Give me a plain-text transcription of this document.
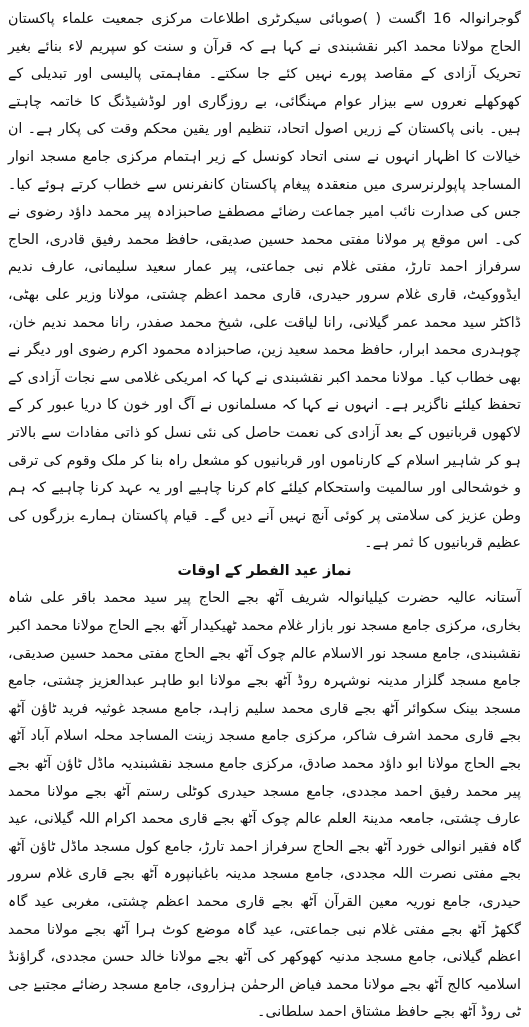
گوجرانوالہ 16 اگست ( )صوبائی سیکرٹری اطلاعات مرکزی جمعیت علماء پاکستان الحاج مولانا محمد اکبر نقشبندی نے کہا ہے کہ قرآن و سنت کو سپریم لاء بنائے بغیر تحریک آزادی کے مقاصد پورے نہیں کئے جا سکتے۔ مفاہمتی پالیسی اور تبدیلی کے کھوکھلے نعروں سے بیزار عوام مہنگائی، بے روزگاری اور لوڈشیڈنگ کا خاتمہ چاہتے ہیں۔ بانی پاکستان کے زریں اصول اتحاد، تنظیم اور یقین محکم وقت کی پکار ہے۔ ان خیالات کا اظہار انہوں نے سنی اتحاد کونسل کے زیر اہتمام مرکزی جامع مسجد انوار المساجد پاپولرنرسری میں منعقدہ پیغام پاکستان کانفرنس سے خطاب کرتے ہوئے کیا۔ جس کی صدارت نائب امیر جماعت رضائے مصطفےٰ صاحبزادہ پیر محمد داؤد رضوی نے کی۔ اس موقع پر مولانا مفتی محمد حسین صدیقی، حافظ محمد رفیق قادری، الحاج سرفراز احمد تارڑ، مفتی غلام نبی جماعتی، پیر عمار سعید سلیمانی، عارف ندیم ایڈووکیٹ، قاری غلام سرور حیدری، قاری محمد اعظم چشتی، مولانا وزیر علی بھٹی، ڈاکٹر سید محمد عمر گیلانی، رانا لیاقت علی، شیخ محمد صفدر، رانا محمد ندیم خان، چوہدری محمد ابرار، حافظ محمد سعید زین، صاحبزادہ محمود اکرم رضوی اور دیگر نے بھی خطاب کیا۔ مولانا محمد اکبر نقشبندی نے کہا کہ امریکی غلامی سے نجات آزادی کے تحفظ کیلئے ناگزیر ہے۔ انہوں نے کہا کہ مسلمانوں نے آگ اور خون کا دریا عبور کر کے لاکھوں قربانیوں کے بعد آزادی کی نعمت حاصل کی نئی نسل کو ذاتی مفادات سے بالاتر ہو کر شاہیر اسلام کے کارناموں اور قربانیوں کو مشعل راہ بنا کر ملک وقوم کی ترقی و خوشحالی اور سالمیت واستحکام کیلئے کام کرنا چاہیے اور یہ عہد کرنا چاہیے کہ ہم وطن عزیز کی سلامتی پر کوئی آنچ نہیں آنے دیں گے۔ قیام پاکستان ہمارے بزرگوں کی عظیم قربانیوں کا ثمر ہے۔

نماز عید الفطر کے اوقات

آستانہ عالیہ حضرت کیلیانوالہ شریف آٹھ بجے الحاج پیر سید محمد باقر علی شاہ بخاری، مرکزی جامع مسجد نور بازار غلام محمد ٹھیکیدار آٹھ بجے الحاج مولانا محمد اکبر نقشبندی، جامع مسجد نور الاسلام عالم چوک آٹھ بجے الحاج مفتی محمد حسین صدیقی، جامع مسجد گلزار مدینہ نوشہرہ روڈ آٹھ بجے مولانا ابو طاہر عبدالعزیز چشتی، جامع مسجد بینک سکوائر آٹھ بجے قاری محمد سلیم زاہد، جامع مسجد غوثیہ فرید ٹاؤن آٹھ بجے قاری محمد اشرف شاکر، مرکزی جامع مسجد زینت المساجد محلہ اسلام آباد آٹھ بجے الحاج مولانا ابو داؤد محمد صادق، مرکزی جامع مسجد نقشبندیہ ماڈل ٹاؤن آٹھ بجے پیر محمد رفیق احمد مجددی، جامع مسجد حیدری کوٹلی رستم آٹھ بجے مولانا محمد عارف چشتی، جامعہ مدینۃ العلم عالم چوک آٹھ بجے قاری محمد اکرام اللہ گیلانی، عید گاہ فقیر انوالی خورد آٹھ بجے الحاج سرفراز احمد تارڑ، جامع کول مسجد ماڈل ٹاؤن آٹھ بجے مفتی نصرت اللہ مجددی، جامع مسجد مدینہ باغبانپورہ آٹھ بجے قاری غلام سرور حیدری، جامع نوریہ معین القرآن آٹھ بجے قاری محمد اعظم چشتی، مغربی عید گاہ گکھڑ آٹھ بجے مفتی غلام نبی جماعتی، عید گاہ موضع کوٹ ہرا آٹھ بجے مولانا محمد اعظم گیلانی، جامع مسجد مدنیہ کھوکھر کی آٹھ بجے مولانا خالد حسن مجددی، گراؤنڈ اسلامیہ کالج آٹھ بجے مولانا محمد فیاض الرحمٰن ہزاروی، جامع مسجد رضائے مجتبےٰ جی ٹی روڈ آٹھ بجے حافظ مشتاق احمد سلطانی۔
